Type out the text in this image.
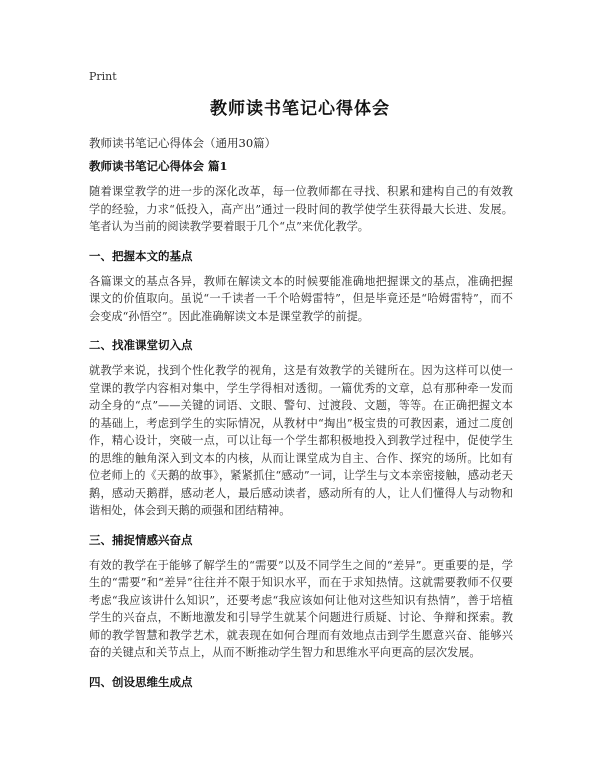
Print
教师读书笔记心得体会
教师读书笔记心得体会（通用30篇）
教师读书笔记心得体会 篇1

随着课堂教学的进一步的深化改革，每一位教师都在寻找、积累和建构自己的有效教学的经验，力求“低投入，高产出”通过一段时间的教学使学生获得最大长进、发展。笔者认为当前的阅读教学要着眼于几个“点”来优化教学。

一、把握本文的基点

各篇课文的基点各异，教师在解读文本的时候要能准确地把握课文的基点，准确把握课文的价值取向。虽说“一千读者一千个哈姆雷特”，但是毕竟还是“哈姆雷特”，而不会变成“孙悟空”。因此准确解读文本是课堂教学的前提。

二、找准课堂切入点

就教学来说，找到个性化教学的视角，这是有效教学的关键所在。因为这样可以使一堂课的教学内容相对集中，学生学得相对透彻。一篇优秀的文章，总有那种牵一发而动全身的“点”——关键的词语、文眼、警句、过渡段、文题，等等。在正确把握文本的基础上，考虑到学生的实际情况，从教材中“掏出”极宝贵的可教因素，通过二度创作，精心设计，突破一点，可以让每一个学生都积极地投入到教学过程中，促使学生的思维的触角深入到文本的内核，从而让课堂成为自主、合作、探究的场所。比如有位老师上的《天鹅的故事》，紧紧抓住“感动”一词，让学生与文本亲密接触，感动老天鹅，感动天鹅群，感动老人，最后感动读者，感动所有的人，让人们懂得人与动物和谐相处，体会到天鹅的顽强和团结精神。

三、捕捉情感兴奋点

有效的教学在于能够了解学生的“需要”以及不同学生之间的“差异”。更重要的是，学生的“需要”和“差异”往往并不限于知识水平，而在于求知热情。这就需要教师不仅要考虑“我应该讲什么知识”，还要考虑“我应该如何让他对这些知识有热情”，善于培植学生的兴奋点，不断地激发和引导学生就某个问题进行质疑、讨论、争辩和探索。教师的教学智慧和教学艺术，就表现在如何合理而有效地点击到学生愿意兴奋、能够兴奋的关键点和关节点上，从而不断推动学生智力和思维水平向更高的层次发展。

四、创设思维生成点
